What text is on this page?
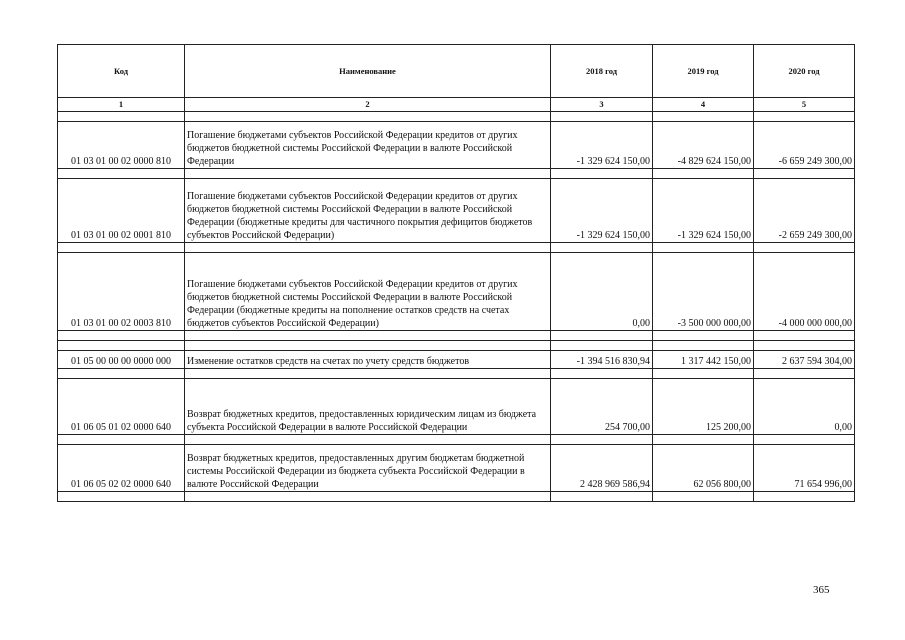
Код	Наименование	2018 год	2019 год	2020 год
1	2	3	4	5

01 03 01 00 02 0000 810	Погашение бюджетами субъектов Российской Федерации кредитов от других бюджетов бюджетной системы Российской Федерации в валюте Российской Федерации	-1 329 624 150,00	-4 829 624 150,00	-6 659 249 300,00

01 03 01 00 02 0001 810	Погашение бюджетами субъектов Российской Федерации кредитов от других бюджетов бюджетной системы Российской Федерации в валюте Российской Федерации (бюджетные кредиты для частичного покрытия дефицитов бюджетов субъектов Российской Федерации)	-1 329 624 150,00	-1 329 624 150,00	-2 659 249 300,00

01 03 01 00 02 0003 810	Погашение бюджетами субъектов Российской Федерации кредитов от других бюджетов бюджетной системы Российской Федерации в валюте Российской Федерации (бюджетные кредиты на пополнение остатков средств на счетах бюджетов субъектов Российской Федерации)	0,00	-3 500 000 000,00	-4 000 000 000,00

01 05 00 00 00 0000 000	Изменение остатков средств на счетах по учету средств бюджетов	-1 394 516 830,94	1 317 442 150,00	2 637 594 304,00

01 06 05 01 02 0000 640	Возврат бюджетных кредитов, предоставленных юридическим лицам из бюджета субъекта Российской Федерации в валюте Российской Федерации	254 700,00	125 200,00	0,00

01 06 05 02 02 0000 640	Возврат бюджетных кредитов, предоставленных другим бюджетам бюджетной системы Российской Федерации из бюджета субъекта Российской Федерации в валюте Российской Федерации	2 428 969 586,94	62 056 800,00	71 654 996,00

365
